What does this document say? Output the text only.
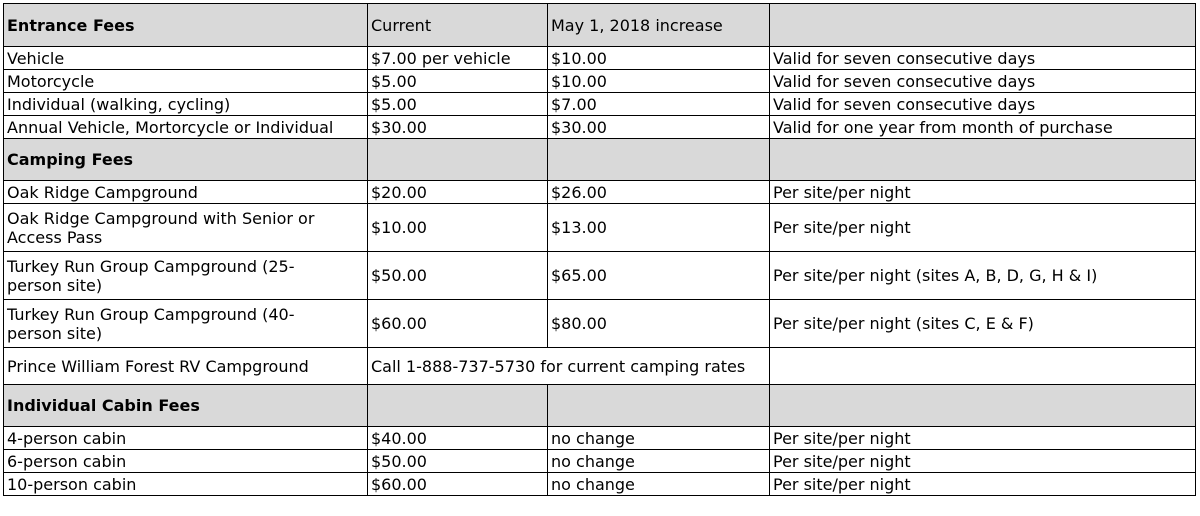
Entrance Fees	Current	May 1, 2018 increase	
Vehicle	$7.00 per vehicle	$10.00	Valid for seven consecutive days
Motorcycle	$5.00	$10.00	Valid for seven consecutive days
Individual (walking, cycling)	$5.00	$7.00	Valid for seven consecutive days
Annual Vehicle, Mortorcycle or Individual	$30.00	$30.00	Valid for one year from month of purchase
Camping Fees			
Oak Ridge Campground	$20.00	$26.00	Per site/per night
Oak Ridge Campground with Senior or Access Pass	$10.00	$13.00	Per site/per night
Turkey Run Group Campground (25-person site)	$50.00	$65.00	Per site/per night (sites A, B, D, G, H & I)
Turkey Run Group Campground (40-person site)	$60.00	$80.00	Per site/per night (sites C, E & F)
Prince William Forest RV Campground	Call 1-888-737-5730 for current camping rates		
Individual Cabin Fees			
4-person cabin	$40.00	no change	Per site/per night
6-person cabin	$50.00	no change	Per site/per night
10-person cabin	$60.00	no change	Per site/per night
